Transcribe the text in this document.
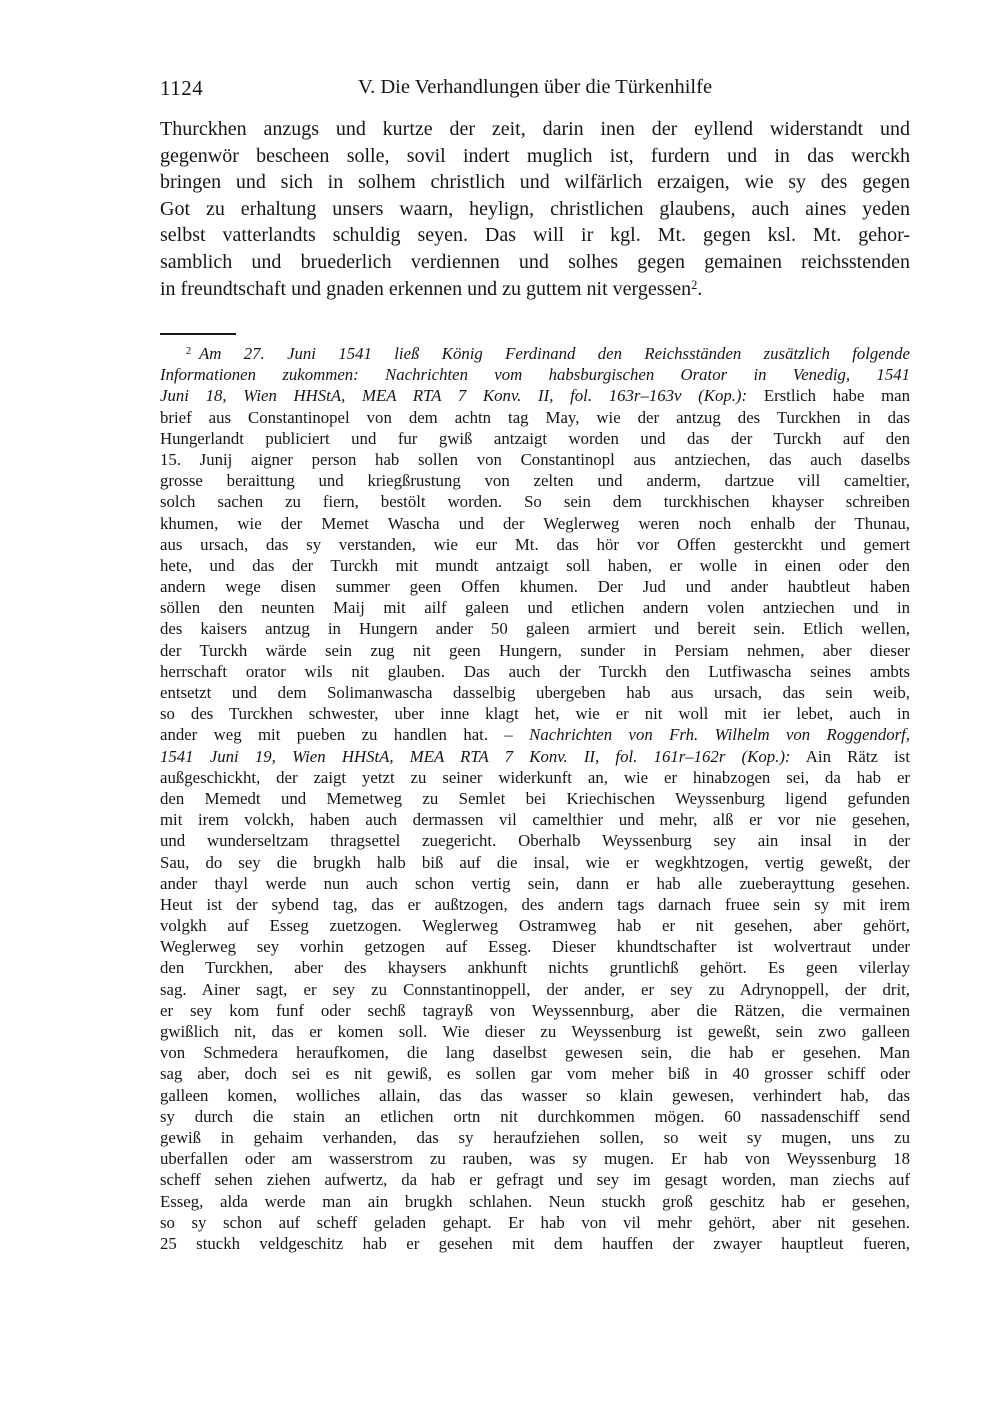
1124	V. Die Verhandlungen über die Türkenhilfe
Thurckhen anzugs und kurtze der zeit, darin inen der eyllend widerstandt und
gegenwör bescheen solle, sovil indert muglich ist, furdern und in das werckh
bringen und sich in solhem christlich und wilfärlich erzaigen, wie sy des gegen
Got zu erhaltung unsers waarn, heylign, christlichen glaubens, auch aines yeden
selbst vatterlandts schuldig seyen. Das will ir kgl. Mt. gegen ksl. Mt. gehor-
samblich und bruederlich verdiennen und solhes gegen gemainen reichsstenden
in freundtschaft und gnaden erkennen und zu guttem nit vergessen$^2$.
$^2$ Am 27. Juni 1541 ließ König Ferdinand den Reichsständen zusätzlich folgende
Informationen zukommen: Nachrichten vom habsburgischen Orator in Venedig, 1541
Juni 18, Wien HHStA, MEA RTA 7 Konv. II, fol. 163r–163v (Kop.): Erstlich habe man
brief aus Constantinopel von dem achtn tag May, wie der antzug des Turckhen in das
Hungerlandt publiciert und fur gwiß antzaigt worden und das der Turckh auf den
15. Junij aigner person hab sollen von Constantinopl aus antziechen, das auch daselbs
grosse beraittung und kriegßrustung von zelten und anderm, dartzue vill cameltier,
solch sachen zu fiern, bestölt worden. So sein dem turckhischen khayser schreiben
khumen, wie der Memet Wascha und der Weglerweg weren noch enhalb der Thunau,
aus ursach, das sy verstanden, wie eur Mt. das hör vor Offen gesterckht und gemert
hete, und das der Turckh mit mundt antzaigt soll haben, er wolle in einen oder den
andern wege disen summer geen Offen khumen. Der Jud und ander haubtleut haben
söllen den neunten Maij mit ailf galeen und etlichen andern volen antziechen und in
des kaisers antzug in Hungern ander 50 galeen armiert und bereit sein. Etlich wellen,
der Turckh wärde sein zug nit geen Hungern, sunder in Persiam nehmen, aber dieser
herrschaft orator wils nit glauben. Das auch der Turckh den Lutfiwascha seines ambts
entsetzt und dem Solimanwascha dasselbig ubergeben hab aus ursach, das sein weib,
so des Turckhen schwester, uber inne klagt het, wie er nit woll mit ier lebet, auch in
ander weg mit pueben zu handlen hat. – Nachrichten von Frh. Wilhelm von Roggendorf,
1541 Juni 19, Wien HHStA, MEA RTA 7 Konv. II, fol. 161r–162r (Kop.): Ain Rätz ist
außgeschickht, der zaigt yetzt zu seiner widerkunft an, wie er hinabzogen sei, da hab er
den Memedt und Memetweg zu Semlet bei Kriechischen Weyssenburg ligend gefunden
mit irem volckh, haben auch dermassen vil camelthier und mehr, alß er vor nie gesehen,
und wunderseltzam thragsettel zuegericht. Oberhalb Weyssenburg sey ain insal in der
Sau, do sey die brugkh halb biß auf die insal, wie er wegkhtzogen, vertig geweßt, der
ander thayl werde nun auch schon vertig sein, dann er hab alle zueberayttung gesehen.
Heut ist der sybend tag, das er außtzogen, des andern tags darnach fruee sein sy mit irem
volgkh auf Esseg zuetzogen. Weglerweg Ostramweg hab er nit gesehen, aber gehört,
Weglerweg sey vorhin getzogen auf Esseg. Dieser khundtschafter ist wolvertraut under
den Turckhen, aber des khaysers ankhunft nichts gruntlichß gehört. Es geen vilerlay
sag. Ainer sagt, er sey zu Connstantinoppell, der ander, er sey zu Adrynoppell, der drit,
er sey kom funf oder sechß tagrayß von Weyssennburg, aber die Rätzen, die vermainen
gwißlich nit, das er komen soll. Wie dieser zu Weyssenburg ist geweßt, sein zwo galleen
von Schmedera heraufkomen, die lang daselbst gewesen sein, die hab er gesehen. Man
sag aber, doch sei es nit gewiß, es sollen gar vom meher biß in 40 grosser schiff oder
galleen komen, wolliches allain, das das wasser so klain gewesen, verhindert hab, das
sy durch die stain an etlichen ortn nit durchkommen mögen. 60 nassadenschiff send
gewiß in gehaim verhanden, das sy heraufziehen sollen, so weit sy mugen, uns zu
uberfallen oder am wasserstrom zu rauben, was sy mugen. Er hab von Weyssenburg 18
scheff sehen ziehen aufwertz, da hab er gefragt und sey im gesagt worden, man ziechs auf
Esseg, alda werde man ain brugkh schlahen. Neun stuckh groß geschitz hab er gesehen,
so sy schon auf scheff geladen gehapt. Er hab von vil mehr gehört, aber nit gesehen.
25 stuckh veldgeschitz hab er gesehen mit dem hauffen der zwayer hauptleut fueren,
